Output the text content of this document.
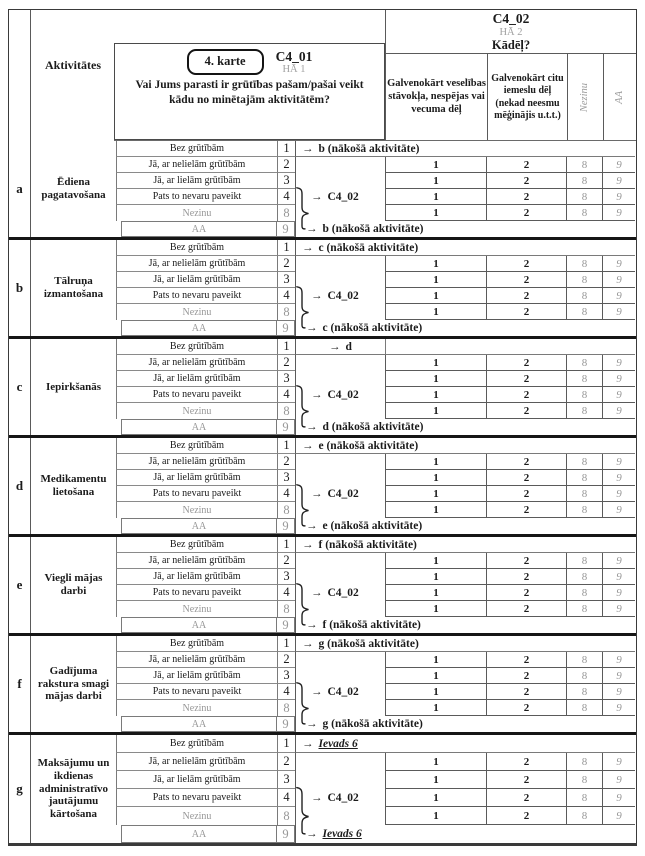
Aktivitātes	4. karte	C4_01
HĀ 1
Vai Jums parasti ir grūtības pašam/pašai veikt kādu no minētajām aktivitātēm?
C4_02
HĀ 2
Kādēļ?
Galvenokārt veselības stāvokļa, nespējas vai vecuma dēļ
Galvenokārt citu iemeslu dēļ (nekad neesmu mēģinājis u.t.t.)
Nezinu AA
a	Ēdiena pagatavošana
Bez grūtībām	1
Jā, ar nelielām grūtībām	2
Jā, ar lielām grūtībām	3
Pats to nevaru paveikt	4
Nezinu	8
→ b (nākošā aktivitāte)
→ C4_02
1	2	8	9
1	2	8	9
1	2	8	9
1	2	8	9
AA	9	→ b (nākošā aktivitāte)
b	Tālruņa izmantošana
Bez grūtībām	1
Jā, ar nelielām grūtībām	2
Jā, ar lielām grūtībām	3
Pats to nevaru paveikt	4
Nezinu	8
→ c (nākošā aktivitāte)
→ C4_02
1	2	8	9
1	2	8	9
1	2	8	9
1	2	8	9
AA	9	→ c (nākošā aktivitāte)
c	Iepirkšanās
Bez grūtībām	1
Jā, ar nelielām grūtībām	2
Jā, ar lielām grūtībām	3
Pats to nevaru paveikt	4
Nezinu	8
→ d
→ C4_02
1	2	8	9
1	2	8	9
1	2	8	9
1	2	8	9
AA	9	→ d (nākošā aktivitāte)
d	Medikamentu lietošana
Bez grūtībām	1
Jā, ar nelielām grūtībām	2
Jā, ar lielām grūtībām	3
Pats to nevaru paveikt	4
Nezinu	8
→ e (nākošā aktivitāte)
→ C4_02
1	2	8	9
1	2	8	9
1	2	8	9
1	2	8	9
AA	9	→ e (nākošā aktivitāte)
e	Viegli mājas darbi
Bez grūtībām	1
Jā, ar nelielām grūtībām	2
Jā, ar lielām grūtībām	3
Pats to nevaru paveikt	4
Nezinu	8
→ f (nākošā aktivitāte)
→ C4_02
1	2	8	9
1	2	8	9
1	2	8	9
1	2	8	9
AA	9	→ f (nākošā aktivitāte)
f
Gadījuma rakstura smagi mājas darbi
Bez grūtībām	1
Jā, ar nelielām grūtībām	2
Jā, ar lielām grūtībām	3
Pats to nevaru paveikt	4
Nezinu	8
→ g (nākošā aktivitāte)
→ C4_02
1	2	8	9
1	2	8	9
1	2	8	9
1	2	8	9
AA	9	→ g (nākošā aktivitāte)
g
Maksājumu un ikdienas administratīvo jautājumu kārtošana
Bez grūtībām	1
Jā, ar nelielām grūtībām	2
Jā, ar lielām grūtībām	3
Pats to nevaru paveikt	4
Nezinu	8
→ Ievads 6
→ C4_02
1	2	8	9
1	2	8	9
1	2	8	9
1	2	8	9
AA	9	→ Ievads 6
